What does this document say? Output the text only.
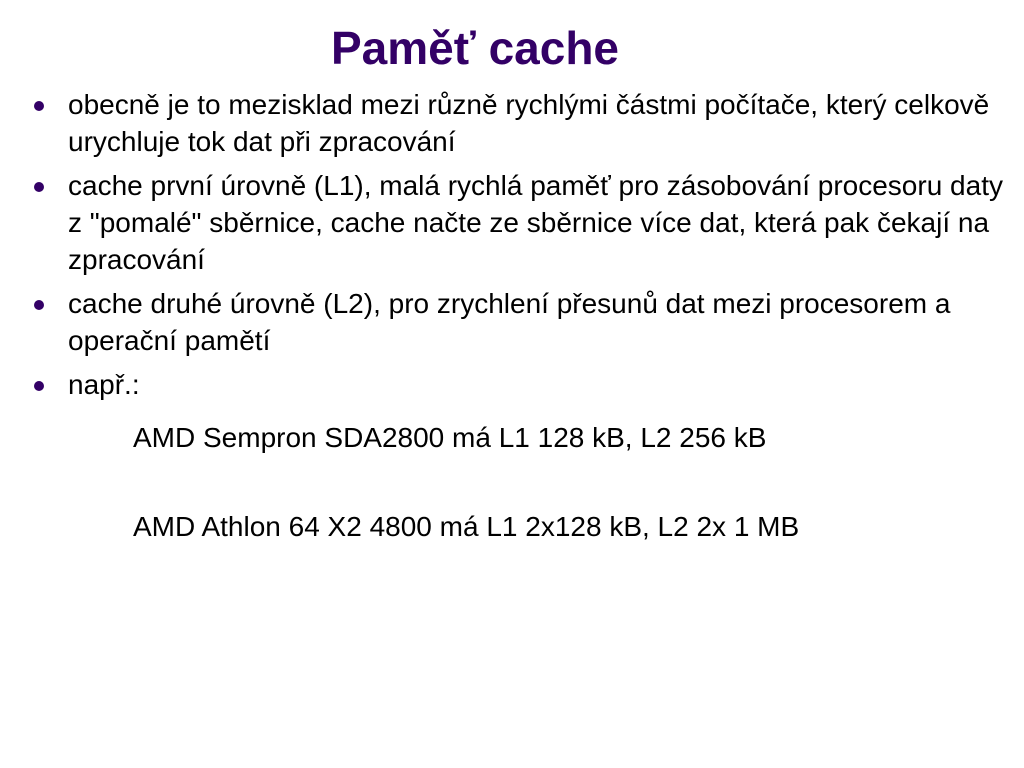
Paměť cache
obecně je to mezisklad mezi různě rychlými částmi počítače, který celkově urychluje tok dat při zpracování
cache první úrovně (L1), malá rychlá paměť pro zásobování procesoru daty z "pomalé" sběrnice, cache načte ze sběrnice více dat, která pak čekají na zpracování
cache druhé úrovně (L2), pro zrychlení přesunů dat mezi procesorem a operační pamětí
např.:
AMD Sempron SDA2800 má L1 128 kB, L2 256 kB
AMD Athlon 64 X2 4800 má L1 2x128 kB, L2 2x 1 MB
